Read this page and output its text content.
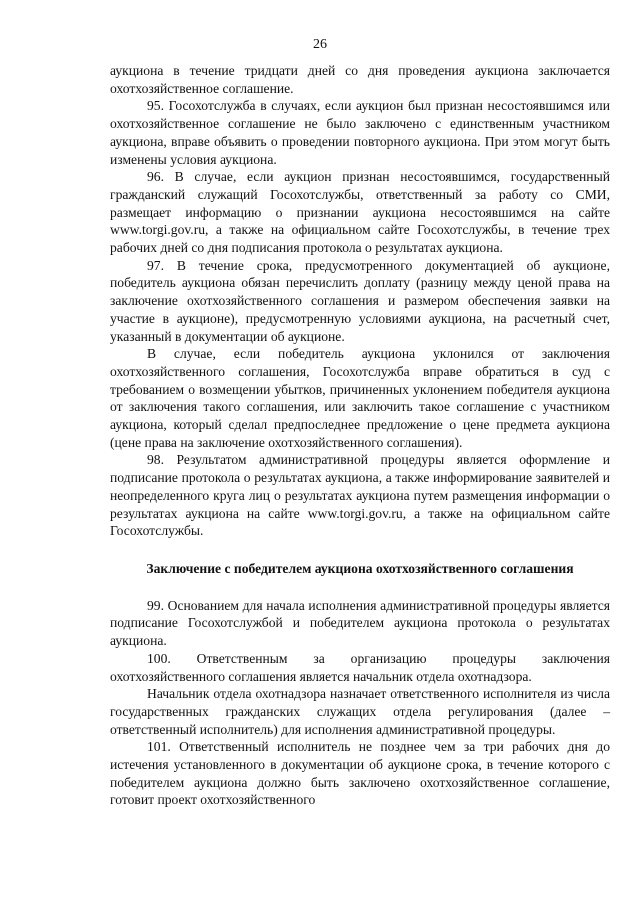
26

аукциона в течение тридцати дней со дня проведения аукциона заключается охотхозяйственное соглашение.

95. Госохотслужба в случаях, если аукцион был признан несостоявшимся или охотхозяйственное соглашение не было заключено с единственным участником аукциона, вправе объявить о проведении повторного аукциона. При этом могут быть изменены условия аукциона.

96. В случае, если аукцион признан несостоявшимся, государственный гражданский служащий Госохотслужбы, ответственный за работу со СМИ, размещает информацию о признании аукциона несостоявшимся на сайте www.torgi.gov.ru, а также на официальном сайте Госохотслужбы, в течение трех рабочих дней со дня подписания протокола о результатах аукциона.

97. В течение срока, предусмотренного документацией об аукционе, победитель аукциона обязан перечислить доплату (разницу между ценой права на заключение охотхозяйственного соглашения и размером обеспечения заявки на участие в аукционе), предусмотренную условиями аукциона, на расчетный счет, указанный в документации об аукционе.

В случае, если победитель аукциона уклонился от заключения охотхозяйственного соглашения, Госохотслужба вправе обратиться в суд с требованием о возмещении убытков, причиненных уклонением победителя аукциона от заключения такого соглашения, или заключить такое соглашение с участником аукциона, который сделал предпоследнее предложение о цене предмета аукциона (цене права на заключение охотхозяйственного соглашения).

98. Результатом административной процедуры является оформление и подписание протокола о результатах аукциона, а также информирование заявителей и неопределенного круга лиц о результатах аукциона путем размещения информации о результатах аукциона на сайте www.torgi.gov.ru, а также на официальном сайте Госохотслужбы.

Заключение с победителем аукциона охотхозяйственного соглашения

99. Основанием для начала исполнения административной процедуры является подписание Госохотслужбой и победителем аукциона протокола о результатах аукциона.

100. Ответственным за организацию процедуры заключения охотхозяйственного соглашения является начальник отдела охотнадзора.

Начальник отдела охотнадзора назначает ответственного исполнителя из числа государственных гражданских служащих отдела регулирования (далее – ответственный исполнитель) для исполнения административной процедуры.

101. Ответственный исполнитель не позднее чем за три рабочих дня до истечения установленного в документации об аукционе срока, в течение которого с победителем аукциона должно быть заключено охотхозяйственное соглашение, готовит проект охотхозяйственного
